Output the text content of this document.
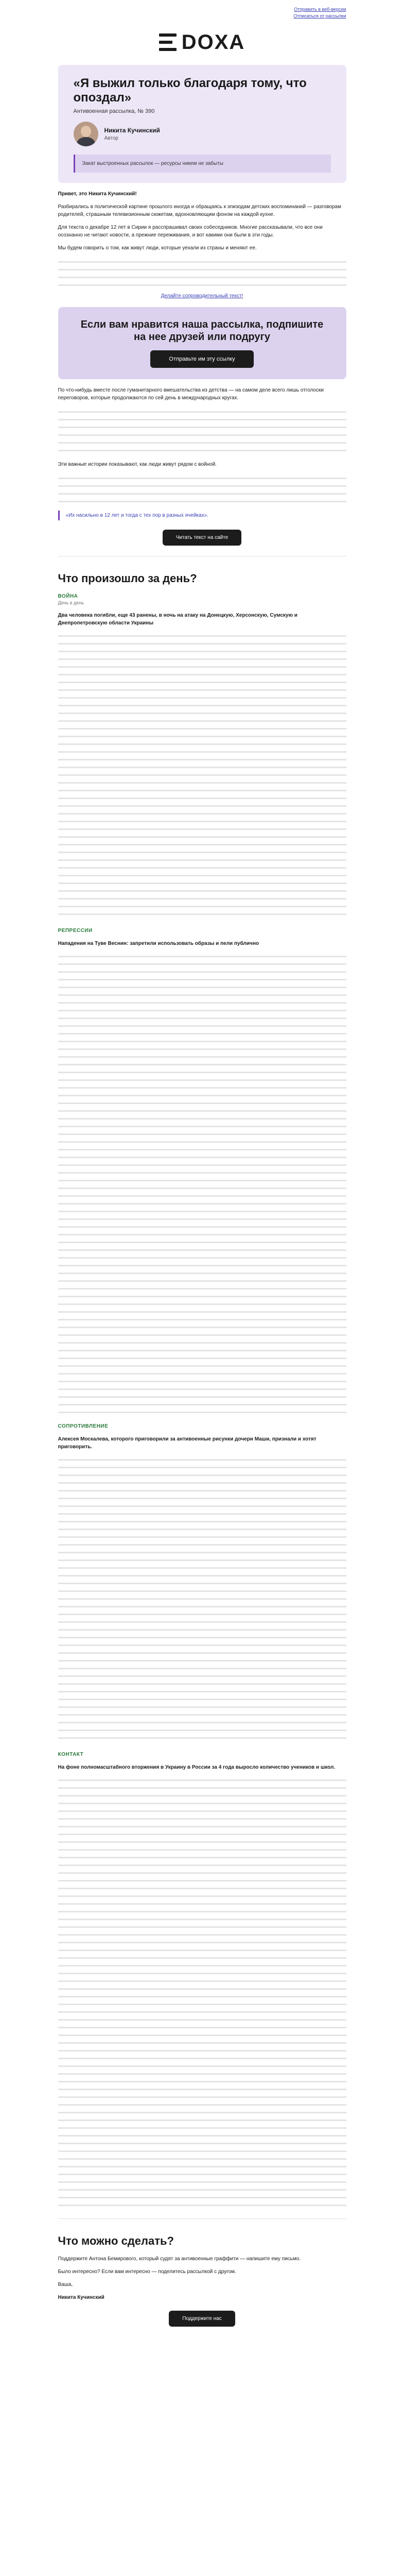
Отправить в веб-версии
Отписаться от рассылки
DOXA
«Я выжил только благодаря тому, что опоздал»
Антивоенная рассылка, № 390
Никита Кучинский
Автор
Закат выстроенных рассылок — ресурсы никем не забыты

Привет, это Никита Кучинский!

Разбирались в политической картине прошлого иногда и обращаясь к эпизодам детских воспоминаний — разговорам родителей, страшным телевизионным сюжетам, вдохновляющим фоном на каждой кухне.

Для текста о декабре 12 лет в Сирии я расспрашивал своих собеседников. Многие рассказывали, что все они осознанно не читают новости, а прежние переживания, и вот какими они были в эти годы.

Мы будем говорить о том, как живут люди, которые уехали из страны и меняют ее.

Делайте сопроводительный текст!
Если вам нравится наша рассылка, подпишите на нее друзей или подругу
Отправьте им эту ссылку

По что-нибудь вместе после гуманитарного вмешательства из детства — на самом деле всего лишь отголоски переговоров, которые продолжаются по сей день в международных кругах.

Эти важные истории показывают, как люди живут рядом с войной.

«Их насильно в 12 лет и тогда с тех пор в разных ячейках».
Читать текст на сайте
Что произошло за день?
ВОЙНА
День в день
Два человека погибли, еще 43 ранены, в ночь на атаку на Донецкую, Херсонскую, Сумскую и Днепропетровскую области Украины
РЕПРЕССИИ
Нападения на Туве Веснин: запретили использовать образы и пели публично
СОПРОТИВЛЕНИЕ
Алексея Москалева, которого приговорили за антивоенные рисунки дочери Маши, признали и хотят приговорить.
КОНТАКТ
На фоне полномасштабного вторжения в Украину в России за 4 года выросло количество учеников и школ.
Что можно сделать?

Поддержите Антона Бемирового, который судят за антивоенные граффити — напишите ему письмо.

Было интересно? Если вам интересно — поделитесь рассылкой с другом.

Ваша,

Никита Кучинский

Поддержите нас
